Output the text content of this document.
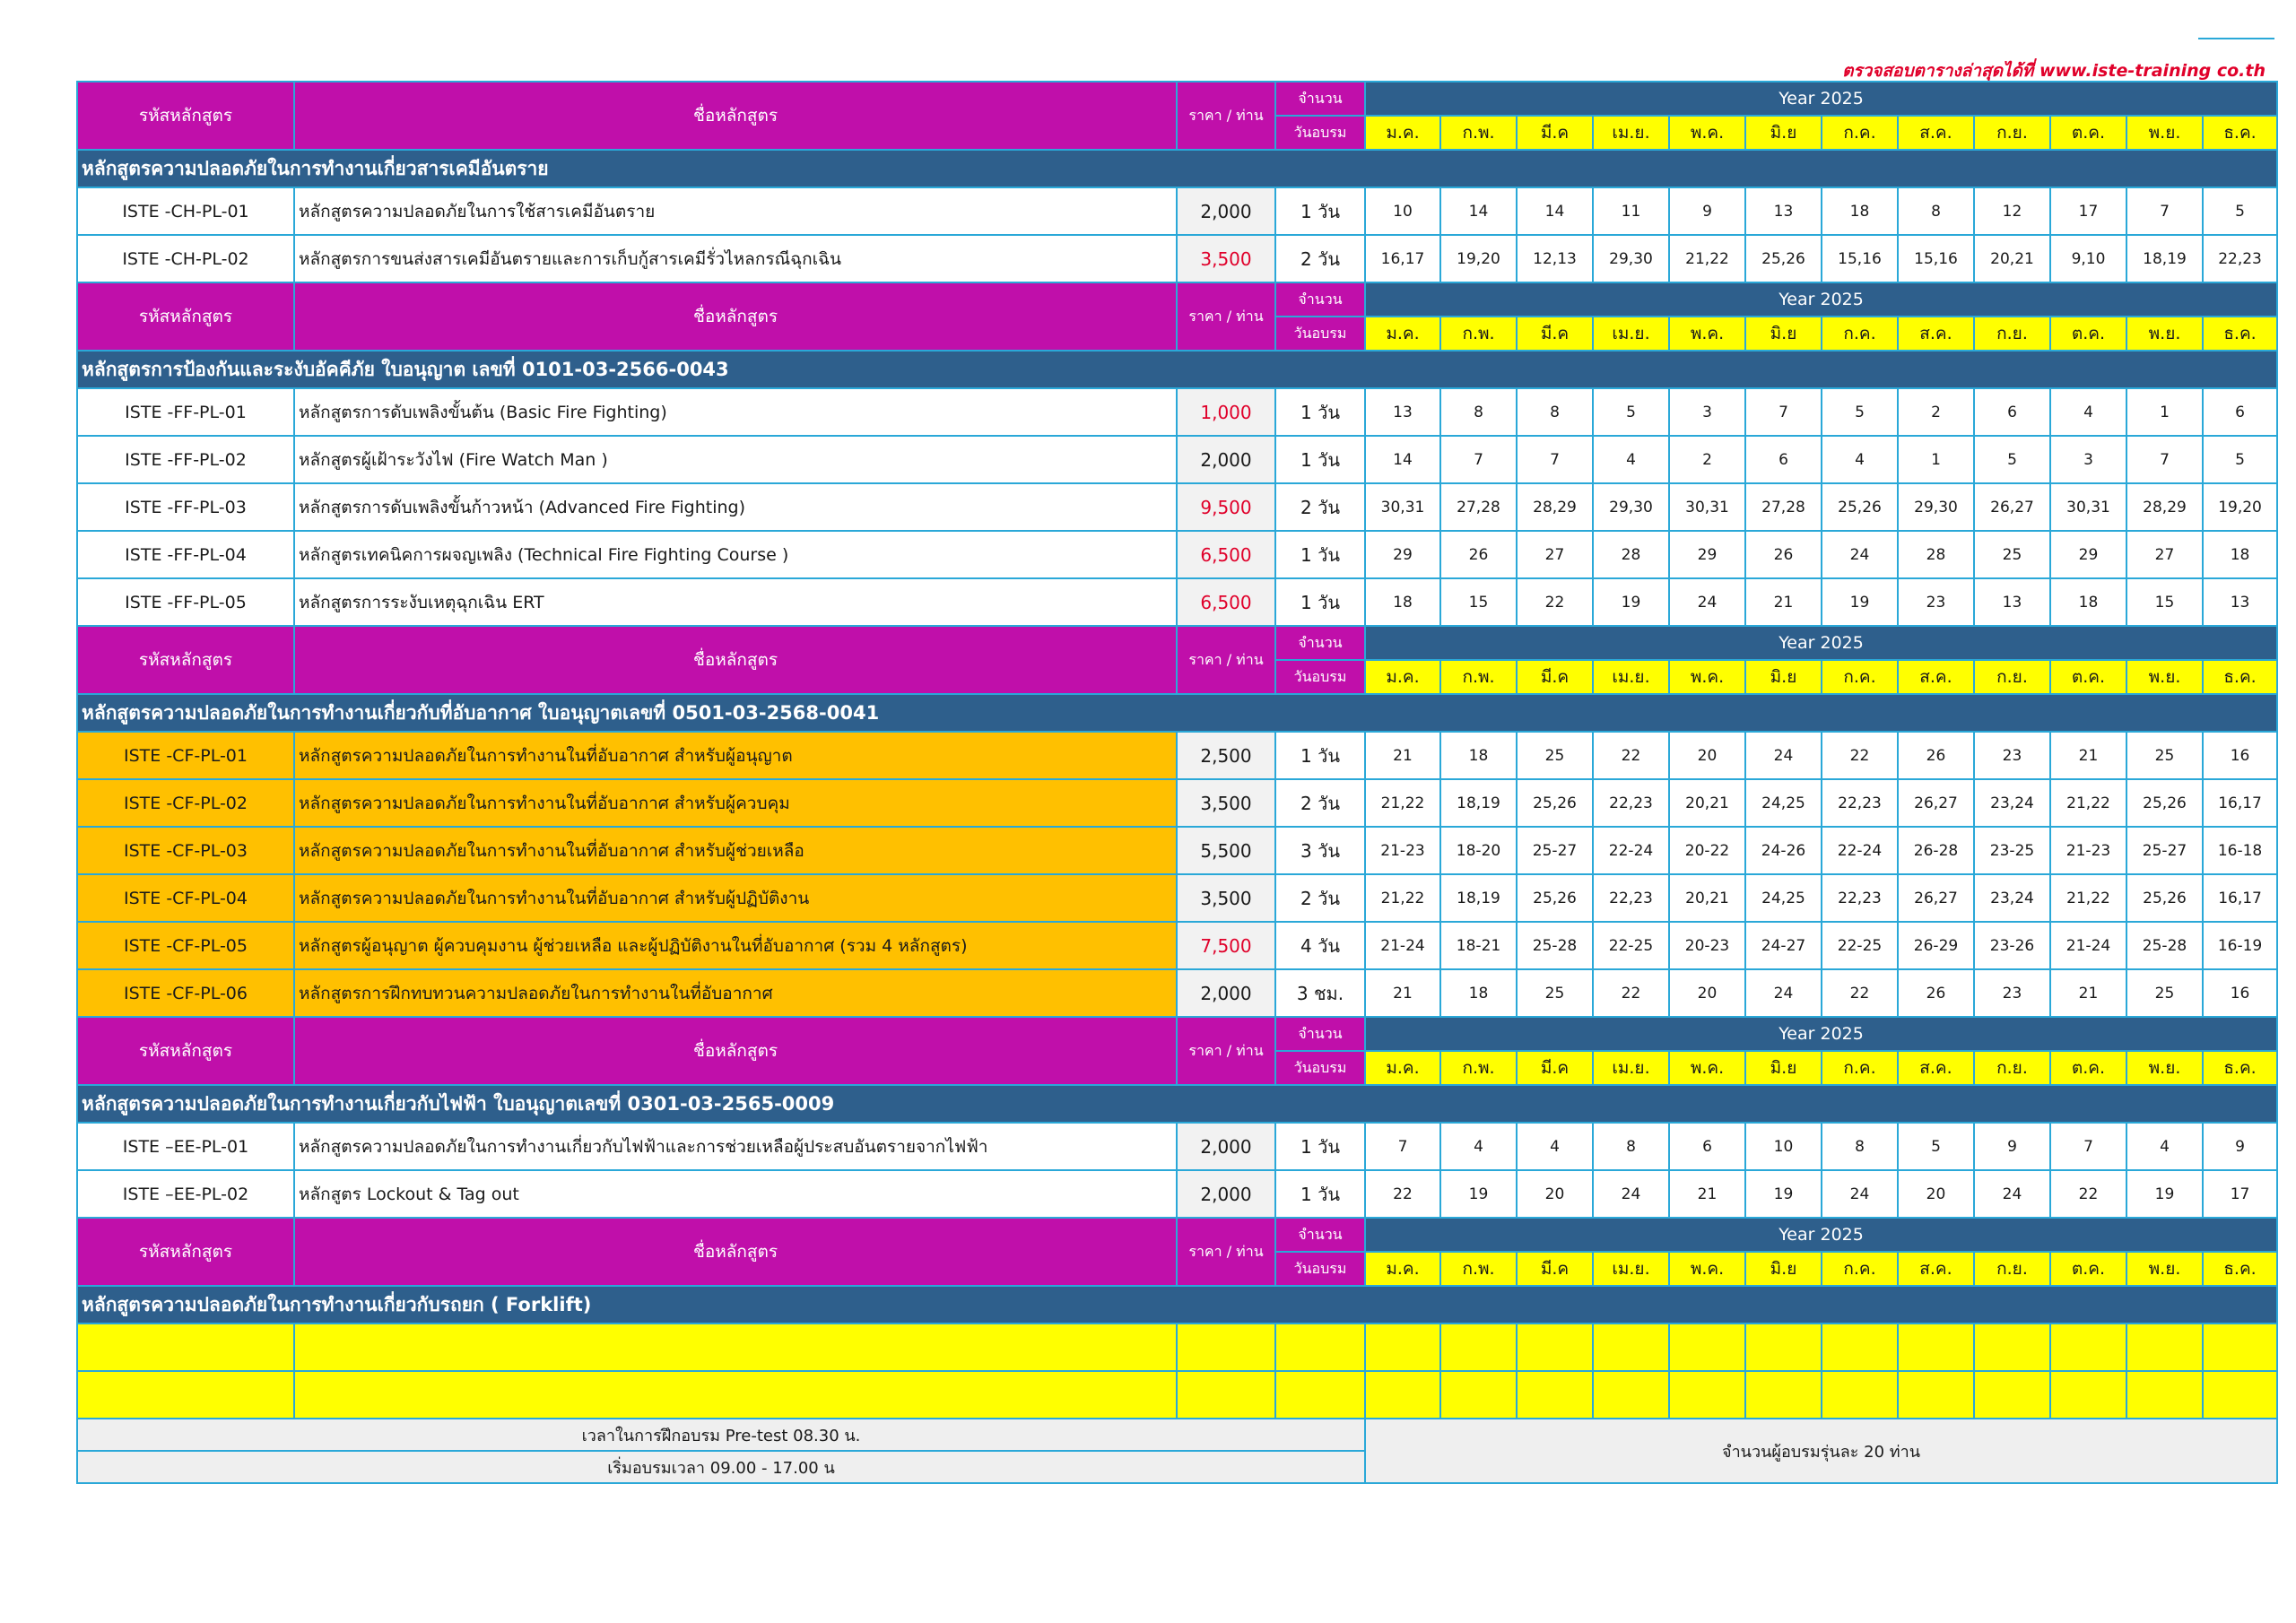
ตรวจสอบตารางล่าสุดได้ที่ www.iste-training co.th
รหัสหลักสูตร	ชื่อหลักสูตร	ราคา / ท่าน	จำนวน	Year 2025											
			วันอบรม	ม.ค.	ก.พ.	มี.ค	เม.ย.	พ.ค.	มิ.ย	ก.ค.	ส.ค.	ก.ย.	ต.ค.	พ.ย.	ธ.ค.
หลักสูตรความปลอดภัยในการทำงานเกี่ยวสารเคมีอันตราย															
ISTE -CH-PL-01	หลักสูตรความปลอดภัยในการใช้สารเคมีอันตราย	2,000	1 วัน	10	14	14	11	9	13	18	8	12	17	7	5
ISTE -CH-PL-02	หลักสูตรการขนส่งสารเคมีอันตรายและการเก็บกู้สารเคมีรั่วไหลกรณีฉุกเฉิน	3,500	2 วัน	16,17	19,20	12,13	29,30	21,22	25,26	15,16	15,16	20,21	9,10	18,19	22,23
รหัสหลักสูตร	ชื่อหลักสูตร	ราคา / ท่าน	จำนวน	Year 2025											
			วันอบรม	ม.ค.	ก.พ.	มี.ค	เม.ย.	พ.ค.	มิ.ย	ก.ค.	ส.ค.	ก.ย.	ต.ค.	พ.ย.	ธ.ค.
หลักสูตรการป้องกันและระงับอัคคีภัย ใบอนุญาต เลขที่ 0101-03-2566-0043															
ISTE -FF-PL-01	หลักสูตรการดับเพลิงขั้นต้น (Basic Fire Fighting)	1,000	1 วัน	13	8	8	5	3	7	5	2	6	4	1	6
ISTE -FF-PL-02	หลักสูตรผู้เฝ้าระวังไฟ (Fire Watch Man )	2,000	1 วัน	14	7	7	4	2	6	4	1	5	3	7	5
ISTE -FF-PL-03	หลักสูตรการดับเพลิงขั้นก้าวหน้า (Advanced Fire Fighting)	9,500	2 วัน	30,31	27,28	28,29	29,30	30,31	27,28	25,26	29,30	26,27	30,31	28,29	19,20
ISTE -FF-PL-04	หลักสูตรเทคนิคการผจญเพลิง (Technical Fire Fighting Course )	6,500	1 วัน	29	26	27	28	29	26	24	28	25	29	27	18
ISTE -FF-PL-05	หลักสูตรการระงับเหตุฉุกเฉิน ERT	6,500	1 วัน	18	15	22	19	24	21	19	23	13	18	15	13
รหัสหลักสูตร	ชื่อหลักสูตร	ราคา / ท่าน	จำนวน	Year 2025											
			วันอบรม	ม.ค.	ก.พ.	มี.ค	เม.ย.	พ.ค.	มิ.ย	ก.ค.	ส.ค.	ก.ย.	ต.ค.	พ.ย.	ธ.ค.
หลักสูตรความปลอดภัยในการทำงานเกี่ยวกับที่อับอากาศ ใบอนุญาตเลขที่ 0501-03-2568-0041															
ISTE -CF-PL-01	หลักสูตรความปลอดภัยในการทำงานในที่อับอากาศ สำหรับผู้อนุญาต	2,500	1 วัน	21	18	25	22	20	24	22	26	23	21	25	16
ISTE -CF-PL-02	หลักสูตรความปลอดภัยในการทำงานในที่อับอากาศ สำหรับผู้ควบคุม	3,500	2 วัน	21,22	18,19	25,26	22,23	20,21	24,25	22,23	26,27	23,24	21,22	25,26	16,17
ISTE -CF-PL-03	หลักสูตรความปลอดภัยในการทำงานในที่อับอากาศ สำหรับผู้ช่วยเหลือ	5,500	3 วัน	21-23	18-20	25-27	22-24	20-22	24-26	22-24	26-28	23-25	21-23	25-27	16-18
ISTE -CF-PL-04	หลักสูตรความปลอดภัยในการทำงานในที่อับอากาศ สำหรับผู้ปฏิบัติงาน	3,500	2 วัน	21,22	18,19	25,26	22,23	20,21	24,25	22,23	26,27	23,24	21,22	25,26	16,17
ISTE -CF-PL-05	หลักสูตรผู้อนุญาต ผู้ควบคุมงาน ผู้ช่วยเหลือ และผู้ปฏิบัติงานในที่อับอากาศ (รวม 4 หลักสูตร)	7,500	4 วัน	21-24	18-21	25-28	22-25	20-23	24-27	22-25	26-29	23-26	21-24	25-28	16-19
ISTE -CF-PL-06	หลักสูตรการฝึกทบทวนความปลอดภัยในการทำงานในที่อับอากาศ	2,000	3 ชม.	21	18	25	22	20	24	22	26	23	21	25	16
รหัสหลักสูตร	ชื่อหลักสูตร	ราคา / ท่าน	จำนวน	Year 2025											
			วันอบรม	ม.ค.	ก.พ.	มี.ค	เม.ย.	พ.ค.	มิ.ย	ก.ค.	ส.ค.	ก.ย.	ต.ค.	พ.ย.	ธ.ค.
หลักสูตรความปลอดภัยในการทำงานเกี่ยวกับไฟฟ้า ใบอนุญาตเลขที่ 0301-03-2565-0009															
ISTE –EE-PL-01	หลักสูตรความปลอดภัยในการทำงานเกี่ยวกับไฟฟ้าและการช่วยเหลือผู้ประสบอันตรายจากไฟฟ้า	2,000	1 วัน	7	4	4	8	6	10	8	5	9	7	4	9
ISTE –EE-PL-02	หลักสูตร Lockout & Tag out	2,000	1 วัน	22	19	20	24	21	19	24	20	24	22	19	17
รหัสหลักสูตร	ชื่อหลักสูตร	ราคา / ท่าน	จำนวน	Year 2025											
			วันอบรม	ม.ค.	ก.พ.	มี.ค	เม.ย.	พ.ค.	มิ.ย	ก.ค.	ส.ค.	ก.ย.	ต.ค.	พ.ย.	ธ.ค.
หลักสูตรความปลอดภัยในการทำงานเกี่ยวกับรถยก ( Forklift)															

เวลาในการฝึกอบรม Pre-test 08.30 น.				จำนวนผู้อบรมรุ่นละ 20 ท่าน											
เริ่มอบรมเวลา 09.00 - 17.00 น															
